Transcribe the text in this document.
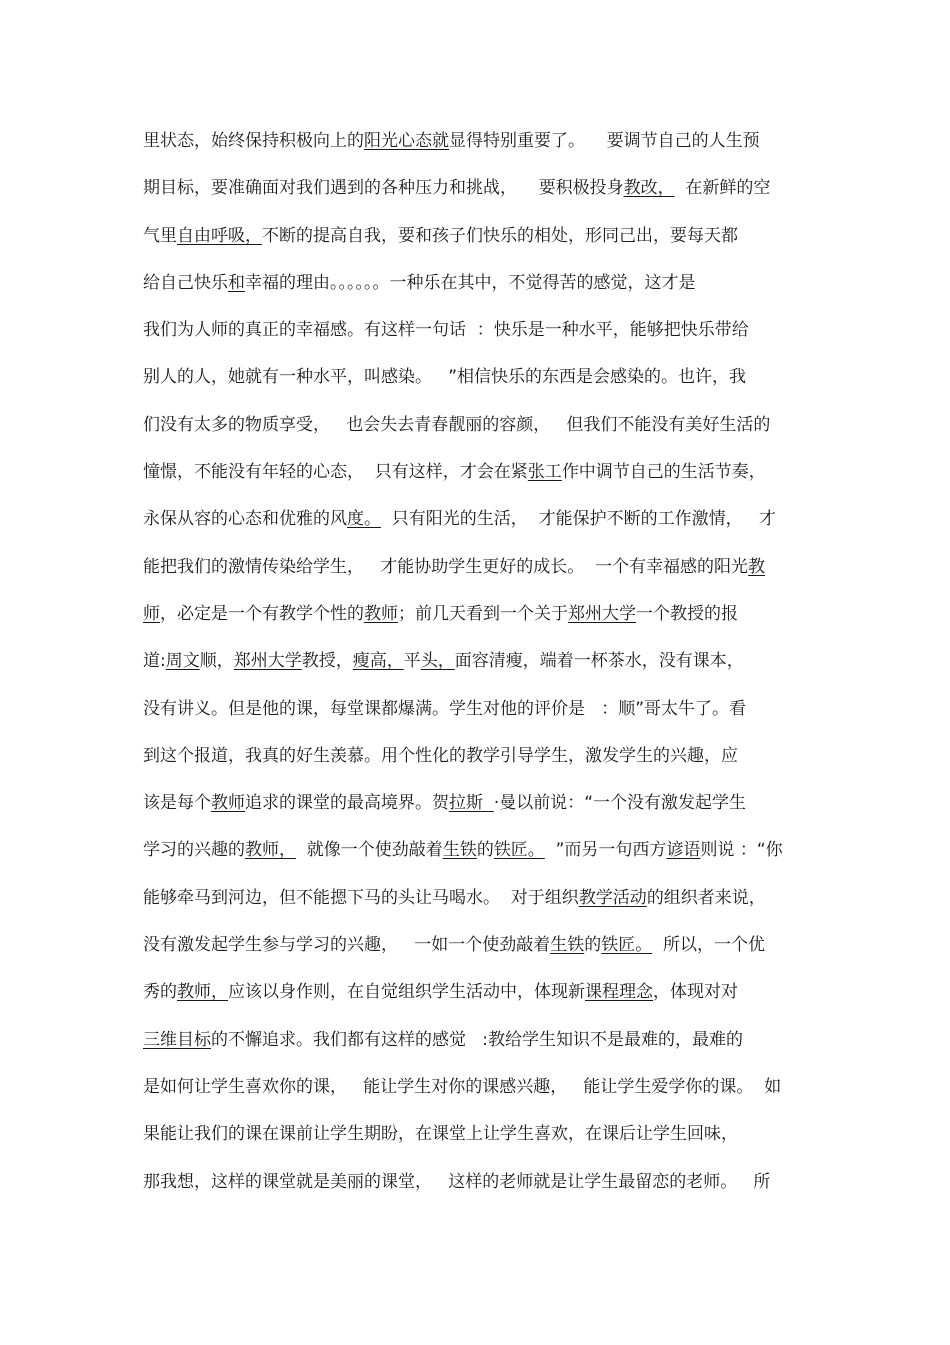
里状态，始终保持积极向上的阳光心态就显得特别重要了。    要调节自己的人生预
期目标，要准确面对我们遇到的各种压力和挑战，    要积极投身教改，  在新鲜的空
气里自由呼吸，不断的提高自我，要和孩子们快乐的相处，形同己出，要每天都
给自己快乐和幸福的理由。。。。。。一种乐在其中，不觉得苦的感觉，这才是
我们为人师的真正的幸福感。有这样一句话  ：快乐是一种水平，能够把快乐带给
别人的人，她就有一种水平，叫感染。   ”相信快乐的东西是会感染的。也许，我
们没有太多的物质享受，   也会失去青春靓丽的容颜，   但我们不能没有美好生活的
憧憬，不能没有年轻的心态，  只有这样，才会在紧张工作中调节自己的生活节奏，
永保从容的心态和优雅的风度。  只有阳光的生活，  才能保护不断的工作激情，   才
能把我们的激情传染给学生，   才能协助学生更好的成长。  一个有幸福感的阳光教
师，必定是一个有教学个性的教师；前几天看到一个关于郑州大学一个教授的报
道:周文顺，郑州大学教授，瘦高，平头，面容清瘦，端着一杯茶水，没有课本，
没有讲义。但是他的课，每堂课都爆满。学生对他的评价是   ：顺”哥太牛了。看
到这个报道，我真的好生羡慕。用个性化的教学引导学生，激发学生的兴趣，应
该是每个教师追求的课堂的最高境界。贺拉斯  ·曼以前说：“一个没有激发起学生
学习的兴趣的教师，  就像一个使劲敲着生铁的铁匠。  ”而另一句西方谚语则说 ：“你
能够牵马到河边，但不能摁下马的头让马喝水。  对于组织教学活动的组织者来说，
没有激发起学生参与学习的兴趣，   一如一个使劲敲着生铁的铁匠。  所以，一个优
秀的教师，应该以身作则，在自觉组织学生活动中，体现新课程理念，体现对对
三维目标的不懈追求。我们都有这样的感觉   :教给学生知识不是最难的，最难的
是如何让学生喜欢你的课，   能让学生对你的课感兴趣，   能让学生爱学你的课。  如
果能让我们的课在课前让学生期盼，在课堂上让学生喜欢，在课后让学生回味，
那我想，这样的课堂就是美丽的课堂，   这样的老师就是让学生最留恋的老师。   所
